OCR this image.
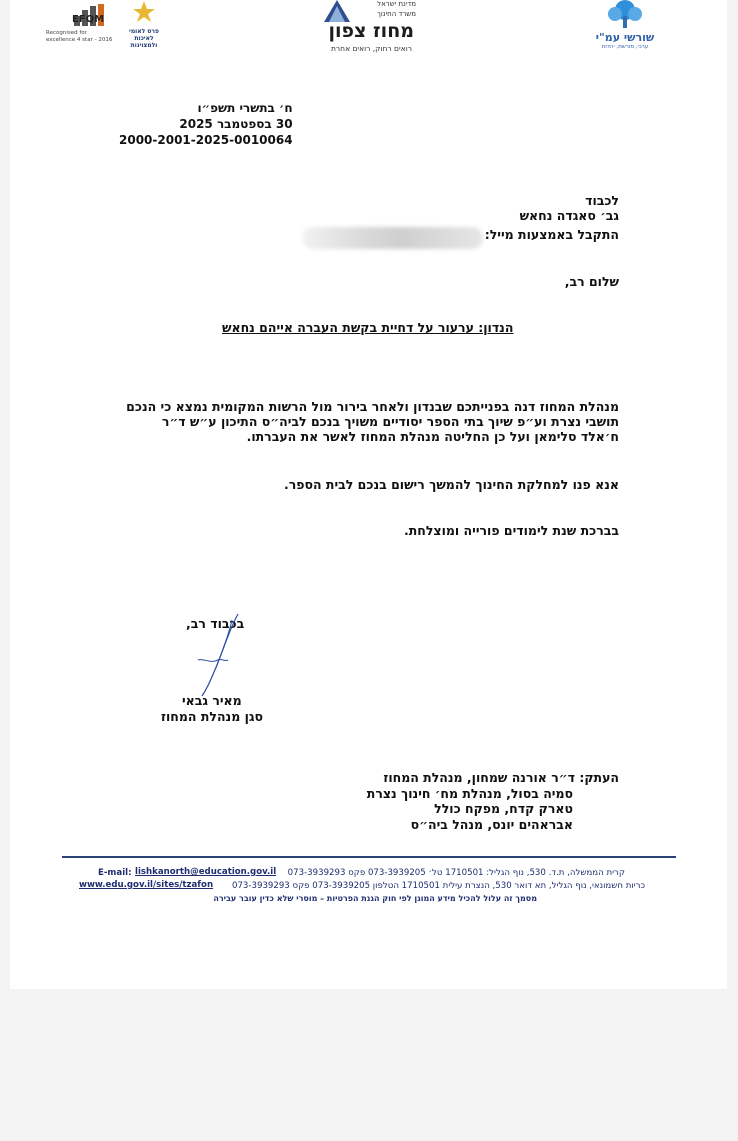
EFQM
Recognised for excellence 4 star - 2016
פרס לאומי לאיכות ולמצוינות
מדינת ישראל
משרד החינוך
מחוז צפון
רואים רחוק, רואים אחרת
שורשי עמ"י
ערכי, מורשת, יהדות
ח׳ בתשרי תשפ״ו
30 בספטמבר 2025
2000-2001-2025-0010064
לכבוד
גב׳ סאגדה נחאש
התקבל באמצעות מייל:
שלום רב,
הנדון: ערעור על דחיית בקשת העברה אייהם נחאש
מנהלת המחוז דנה בפנייתכם שבנדון ולאחר בירור מול הרשות המקומית נמצא כי הנכם
תושבי נצרת וע״פ שיוך בתי הספר יסודיים משויך בנכם לביה״ס התיכון ע״ש ד״ר
ח׳אלד סלימאן ועל כן החליטה מנהלת המחוז לאשר את העברתו.
אנא פנו למחלקת החינוך להמשך רישום בנכם לבית הספר.
בברכת שנת לימודים פורייה ומוצלחת.
בכבוד רב,
מאיר גבאי
סגן מנהלת המחוז
העתק: ד״ר אורנה שמחון, מנהלת המחוז
סמיה בסול, מנהלת מח׳ חינוך נצרת
טארק קדח, מפקח כולל
אבראהים יונס, מנהל ביה״ס
קרית הממשלה, ת.ד. 530, נוף הגליל: 1710501 טל׳ 073-3939205 פקס 073-3939293
E-mail: lishkanorth@education.gov.il
כריות חשמונאי, נוף הגליל, תא דואר 530, הנצרת עילית 1710501 הטלפון 073-3939205 פקס 073-3939293
www.edu.gov.il/sites/tzafon
מסמך זה עלול להכיל מידע המוגן לפי חוק הגנת הפרטיות – מוסרי שלא כדין עובר עבירה
